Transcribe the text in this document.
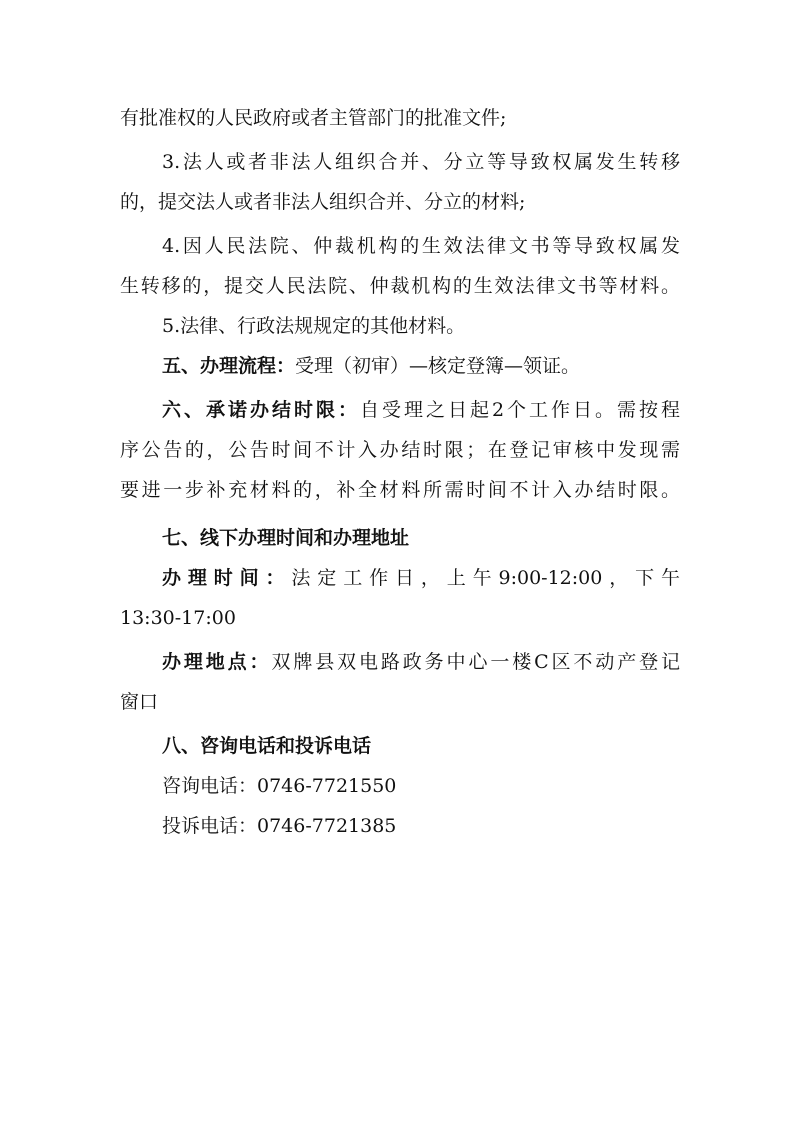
有批准权的人民政府或者主管部门的批准文件;
3.法人或者非法人组织合并、分立等导致权属发生转移
的，提交法人或者非法人组织合并、分立的材料;
4.因人民法院、仲裁机构的生效法律文书等导致权属发
生转移的，提交人民法院、仲裁机构的生效法律文书等材料。
5.法律、行政法规规定的其他材料。
五、办理流程：受理（初审）—核定登簿—领证。
六、承诺办结时限：自受理之日起2个工作日。需按程
序公告的，公告时间不计入办结时限；在登记审核中发现需
要进一步补充材料的，补全材料所需时间不计入办结时限。
七、线下办理时间和办理地址
办理时间：法定工作日，上午9:00-12:00，下午
13:30-17:00
办理地点：双牌县双电路政务中心一楼C区不动产登记
窗口
八、咨询电话和投诉电话
咨询电话：0746-7721550
投诉电话：0746-7721385
